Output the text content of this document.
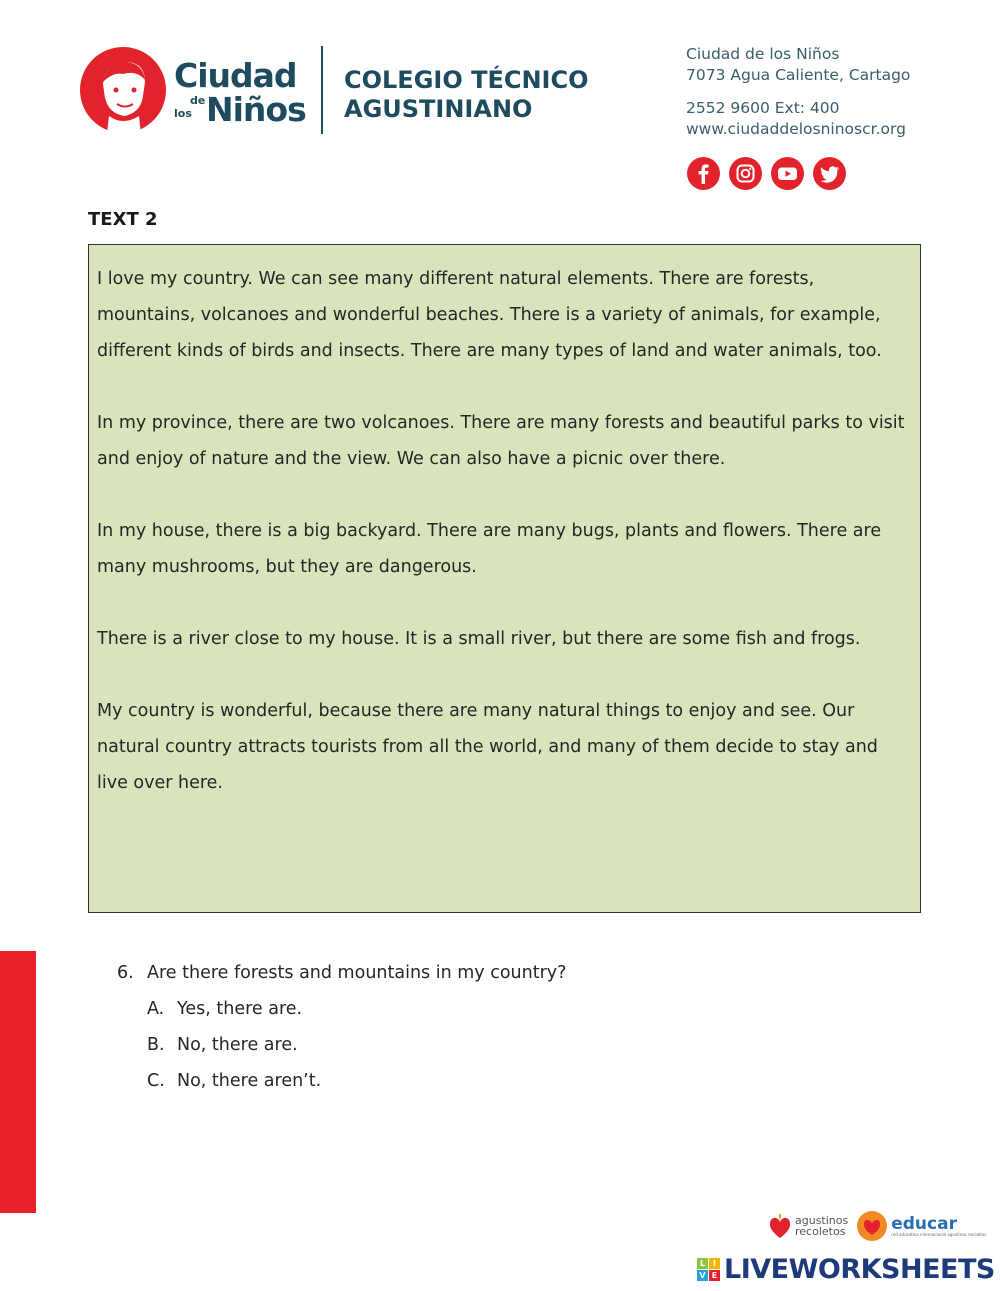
Ciudad
de
los Niños
COLEGIO TÉCNICO
AGUSTINIANO
Ciudad de los Niños
7073 Agua Caliente, Cartago
2552 9600 Ext: 400
www.ciudaddelosninoscr.org
TEXT 2

I love my country. We can see many different natural elements. There are forests, mountains, volcanoes and wonderful beaches. There is a variety of animals, for example, different kinds of birds and insects. There are many types of land and water animals, too.

In my province, there are two volcanoes. There are many forests and beautiful parks to visit and enjoy of nature and the view. We can also have a picnic over there.

In my house, there is a big backyard. There are many bugs, plants and flowers. There are many mushrooms, but they are dangerous.

There is a river close to my house. It is a small river, but there are some fish and frogs.

My country is wonderful, because there are many natural things to enjoy and see. Our natural country attracts tourists from all the world, and many of them decide to stay and live over here.

6. Are there forests and mountains in my country?
A. Yes, there are.
B. No, there are.
C. No, there aren’t.
agustinos
recoletos	educar
red educativa internacional agustinos recoletos
L I
V E LIVEWORKSHEETS
